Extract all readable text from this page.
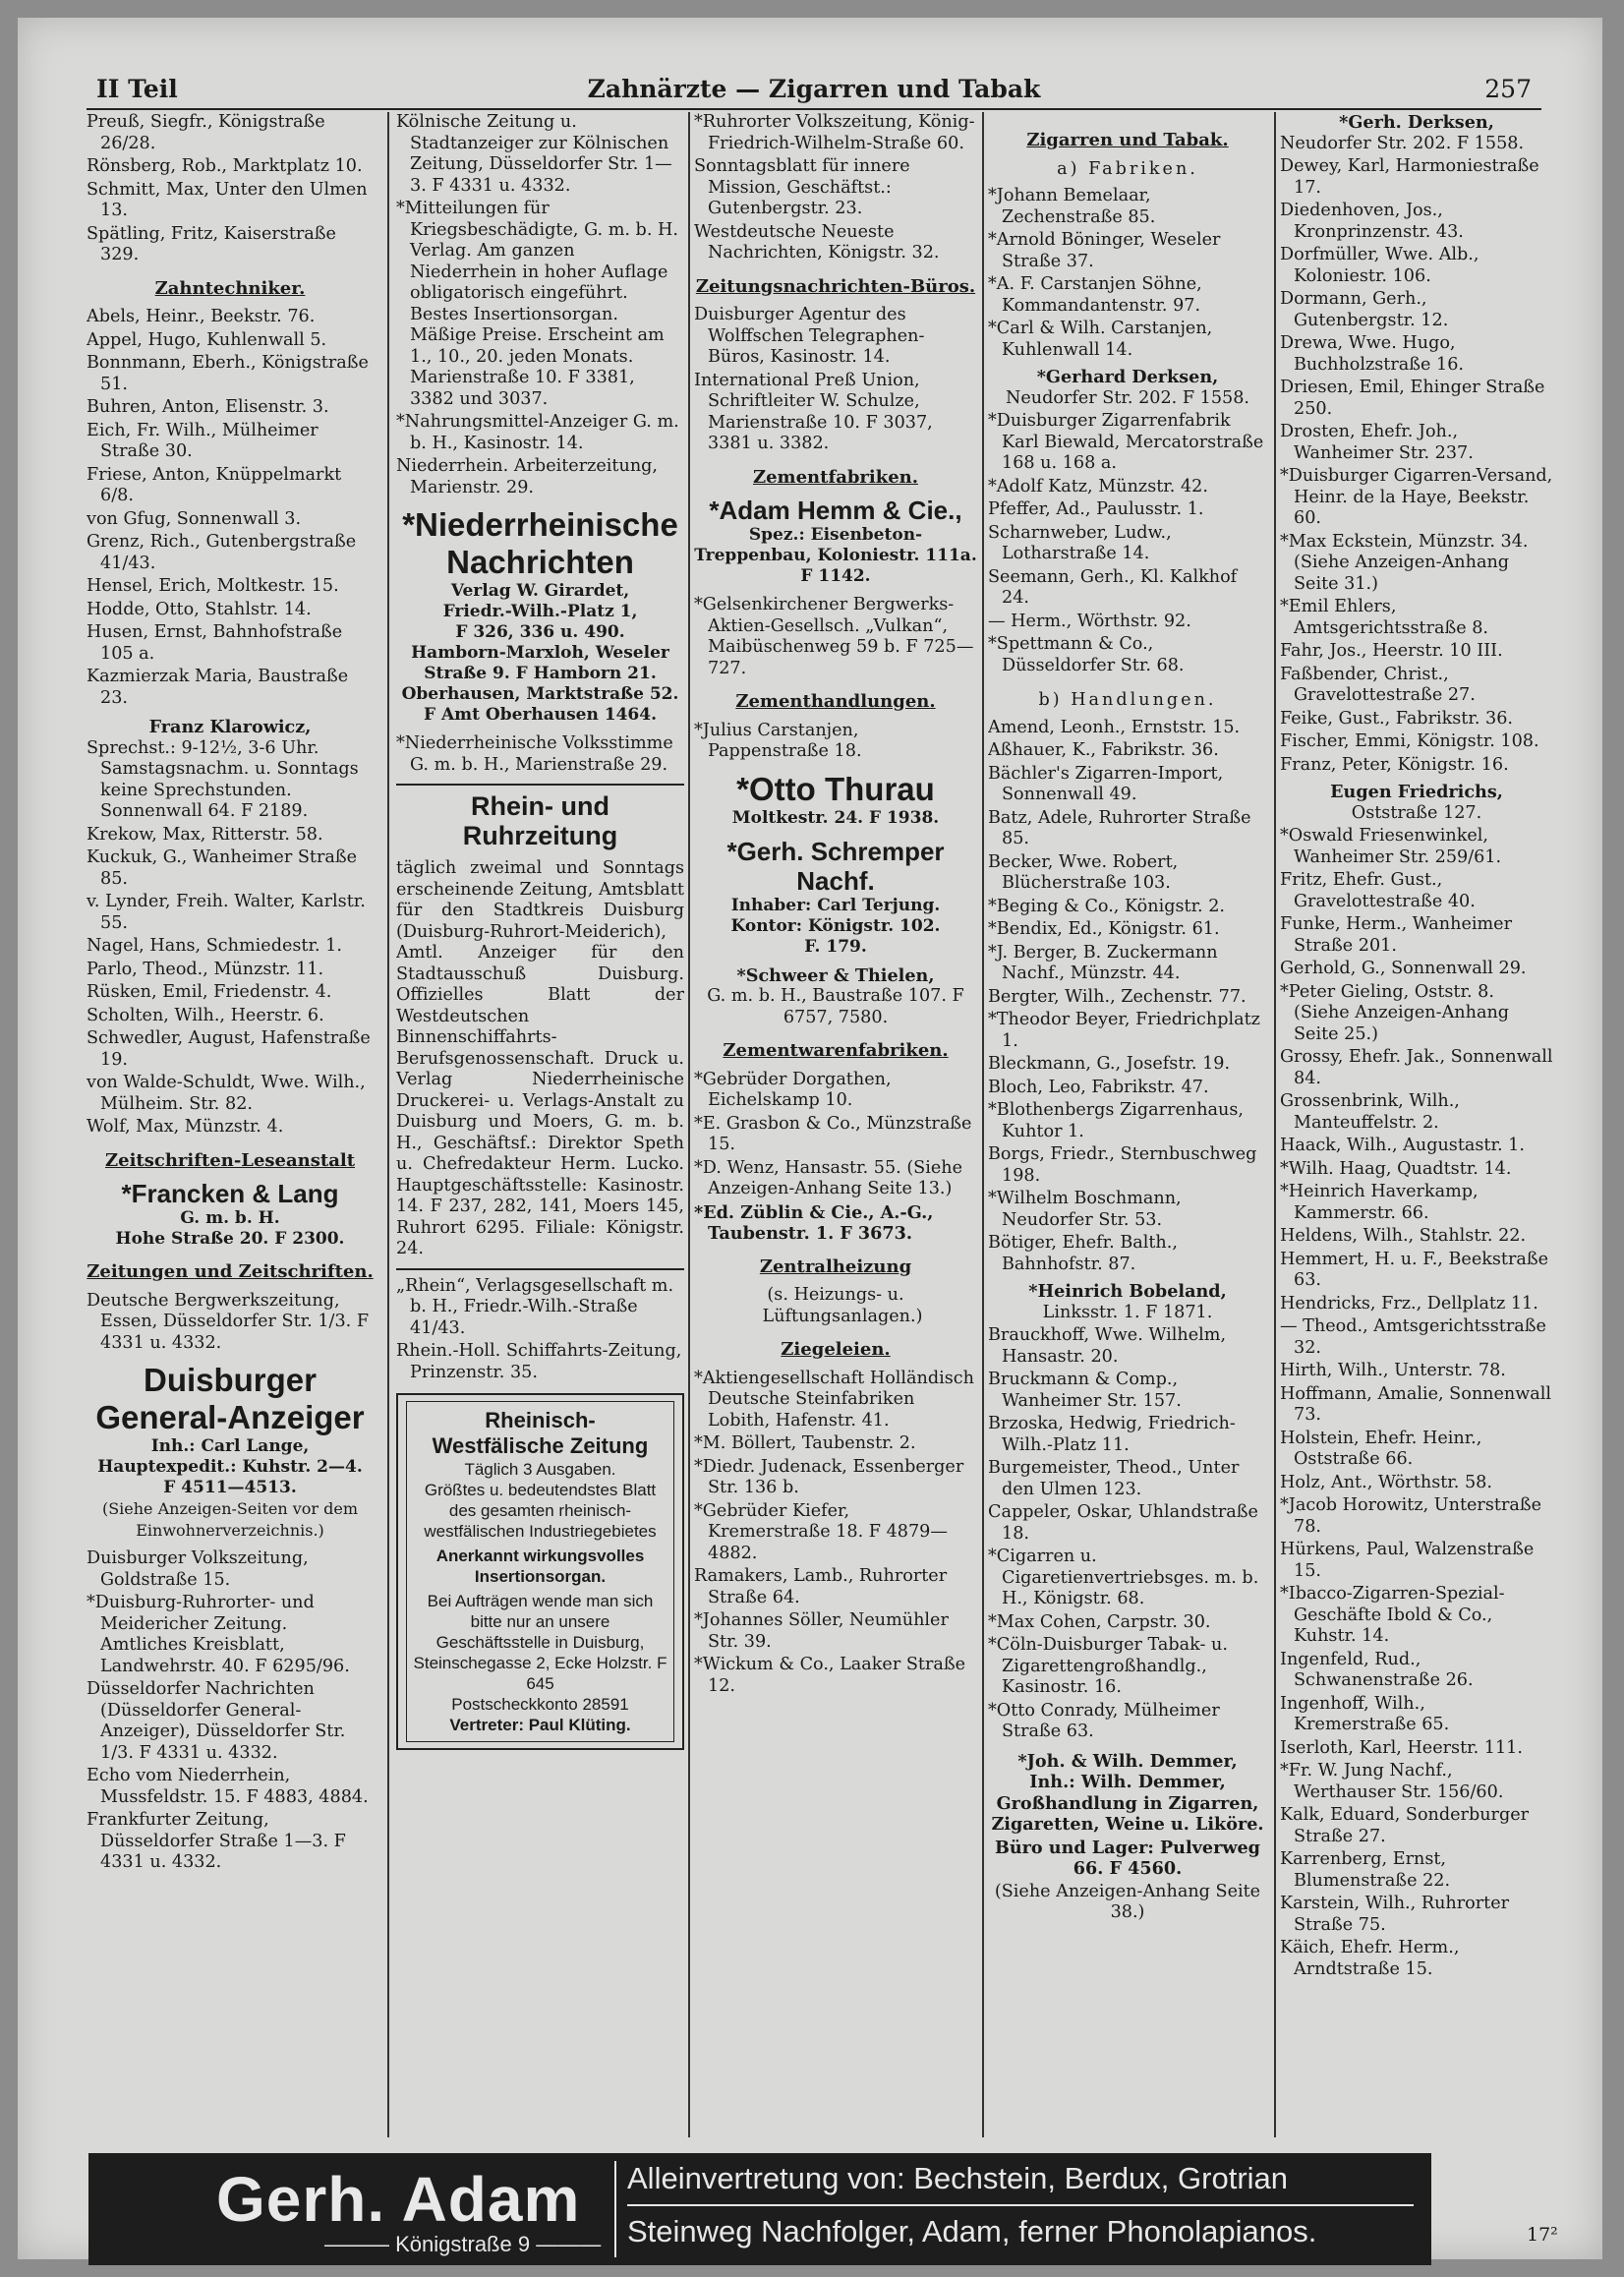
II Teil	Zahnärzte — Zigarren und Tabak	257
Preuß, Siegfr., Königstraße 26/28.
Rönsberg, Rob., Marktplatz 10.
Schmitt, Max, Unter den Ulmen 13.
Spätling, Fritz, Kaiserstraße 329.
Zahntechniker.
Abels, Heinr., Beekstr. 76.
Appel, Hugo, Kuhlenwall 5.
Bonnmann, Eberh., Königstraße 51.
Buhren, Anton, Elisenstr. 3.
Eich, Fr. Wilh., Mülheimer Straße 30.
Friese, Anton, Knüppelmarkt 6/8.
von Gfug, Sonnenwall 3.
Grenz, Rich., Gutenbergstraße 41/43.
Hensel, Erich, Moltkestr. 15.
Hodde, Otto, Stahlstr. 14.
Husen, Ernst, Bahnhofstraße 105 a.
Kazmierzak Maria, Baustraße 23.
Franz Klarowicz,
Sprechst.: 9-12½, 3-6 Uhr. Samstagsnachm. u. Sonntags keine Sprechstunden. Sonnenwall 64. F 2189.
Krekow, Max, Ritterstr. 58.
Kuckuk, G., Wanheimer Straße 85.
v. Lynder, Freih. Walter, Karlstr. 55.
Nagel, Hans, Schmiedestr. 1.
Parlo, Theod., Münzstr. 11.
Rüsken, Emil, Friedenstr. 4.
Scholten, Wilh., Heerstr. 6.
Schwedler, August, Hafenstraße 19.
von Walde-Schuldt, Wwe. Wilh., Mülheim. Str. 82.
Wolf, Max, Münzstr. 4.
Zeitschriften-Leseanstalt
*Francken & Lang
G. m. b. H.
Hohe Straße 20. F 2300.
Zeitungen und Zeitschriften.
Deutsche Bergwerkszeitung, Essen, Düsseldorfer Str. 1/3. F 4331 u. 4332.
Duisburger
General-Anzeiger
Inh.: Carl Lange,
Hauptexpedit.: Kuhstr. 2—4.
F 4511—4513.
(Siehe Anzeigen-Seiten vor dem Einwohnerverzeichnis.)
Duisburger Volkszeitung, Goldstraße 15.
*Duisburg-Ruhrorter- und Meidericher Zeitung. Amtliches Kreisblatt, Landwehrstr. 40. F 6295/96.
Düsseldorfer Nachrichten (Düsseldorfer General-Anzeiger), Düsseldorfer Str. 1/3. F 4331 u. 4332.
Echo vom Niederrhein, Mussfeldstr. 15. F 4883, 4884.
Frankfurter Zeitung, Düsseldorfer Straße 1—3. F 4331 u. 4332.
Kölnische Zeitung u. Stadtanzeiger zur Kölnischen Zeitung, Düsseldorfer Str. 1—3. F 4331 u. 4332.
*Mitteilungen für Kriegsbeschädigte, G. m. b. H. Verlag. Am ganzen Niederrhein in hoher Auflage obligatorisch eingeführt. Bestes Insertionsorgan. Mäßige Preise. Erscheint am 1., 10., 20. jeden Monats. Marienstraße 10. F 3381, 3382 und 3037.
*Nahrungsmittel-Anzeiger G. m. b. H., Kasinostr. 14.
Niederrhein. Arbeiterzeitung, Marienstr. 29.
*Niederrheinische
Nachrichten
Verlag W. Girardet,
Friedr.-Wilh.-Platz 1,
F 326, 336 u. 490.
Hamborn-Marxloh, Weseler Straße 9. F Hamborn 21.
Oberhausen, Marktstraße 52. F Amt Oberhausen 1464.
*Niederrheinische Volksstimme G. m. b. H., Marienstraße 29.
Rhein- und Ruhrzeitung
täglich zweimal und Sonntags erscheinende Zeitung, Amtsblatt für den Stadtkreis Duisburg (Duisburg-Ruhrort-Meiderich), Amtl. Anzeiger für den Stadtausschuß Duisburg. Offizielles Blatt der Westdeutschen Binnenschiffahrts-Berufsgenossenschaft. Druck u. Verlag Niederrheinische Druckerei- u. Verlags-Anstalt zu Duisburg und Moers, G. m. b. H., Geschäftsf.: Direktor Speth u. Chefredakteur Herm. Lucko. Hauptgeschäftsstelle: Kasinostr. 14. F 237, 282, 141, Moers 145, Ruhrort 6295. Filiale: Königstr. 24.
„Rhein“, Verlagsgesellschaft m. b. H., Friedr.-Wilh.-Straße 41/43.
Rhein.-Holl. Schiffahrts-Zeitung, Prinzenstr. 35.
Rheinisch-
Westfälische Zeitung
Täglich 3 Ausgaben.
Größtes u. bedeutendstes Blatt des gesamten rheinisch-westfälischen Industriegebietes
Anerkannt wirkungsvolles Insertionsorgan.
Bei Aufträgen wende man sich bitte nur an unsere Geschäftsstelle in Duisburg, Steinschegasse 2, Ecke Holzstr. F 645
Postscheckkonto 28591
Vertreter: Paul Klüting.
*Ruhrorter Volkszeitung, König-Friedrich-Wilhelm-Straße 60.
Sonntagsblatt für innere Mission, Geschäftst.: Gutenbergstr. 23.
Westdeutsche Neueste Nachrichten, Königstr. 32.
Zeitungsnachrichten-Büros.
Duisburger Agentur des Wolffschen Telegraphen-Büros, Kasinostr. 14.
International Preß Union, Schriftleiter W. Schulze, Marienstraße 10. F 3037, 3381 u. 3382.
Zementfabriken.
*Adam Hemm & Cie.,
Spez.: Eisenbeton-Treppenbau, Koloniestr. 111a. F 1142.
*Gelsenkirchener Bergwerks-Aktien-Gesellsch. „Vulkan“, Maibüschenweg 59 b. F 725—727.
Zementhandlungen.
*Julius Carstanjen, Pappenstraße 18.
*Otto Thurau
Moltkestr. 24. F 1938.
*Gerh. Schremper Nachf.
Inhaber: Carl Terjung.
Kontor: Königstr. 102.
F. 179.
*Schweer & Thielen,
G. m. b. H., Baustraße 107. F 6757, 7580.
Zementwarenfabriken.
*Gebrüder Dorgathen, Eichelskamp 10.
*E. Grasbon & Co., Münzstraße 15.
*D. Wenz, Hansastr. 55. (Siehe Anzeigen-Anhang Seite 13.)
*Ed. Züblin & Cie., A.-G., Taubenstr. 1. F 3673.
Zentralheizung
(s. Heizungs- u. Lüftungsanlagen.)
Ziegeleien.
*Aktiengesellschaft Holländisch Deutsche Steinfabriken Lobith, Hafenstr. 41.
*M. Böllert, Taubenstr. 2.
*Diedr. Judenack, Essenberger Str. 136 b.
*Gebrüder Kiefer, Kremerstraße 18. F 4879—4882.
Ramakers, Lamb., Ruhrorter Straße 64.
*Johannes Söller, Neumühler Str. 39.
*Wickum & Co., Laaker Straße 12.
Zigarren und Tabak.
a) Fabriken.
*Johann Bemelaar, Zechenstraße 85.
*Arnold Böninger, Weseler Straße 37.
*A. F. Carstanjen Söhne, Kommandantenstr. 97.
*Carl & Wilh. Carstanjen, Kuhlenwall 14.
*Gerhard Derksen,
Neudorfer Str. 202. F 1558.
*Duisburger Zigarrenfabrik Karl Biewald, Mercatorstraße 168 u. 168 a.
*Adolf Katz, Münzstr. 42.
Pfeffer, Ad., Paulusstr. 1.
Scharnweber, Ludw., Lotharstraße 14.
Seemann, Gerh., Kl. Kalkhof 24.
— Herm., Wörthstr. 92.
*Spettmann & Co., Düsseldorfer Str. 68.
b) Handlungen.
Amend, Leonh., Ernststr. 15.
Aßhauer, K., Fabrikstr. 36.
Bächler's Zigarren-Import, Sonnenwall 49.
Batz, Adele, Ruhrorter Straße 85.
Becker, Wwe. Robert, Blücherstraße 103.
*Beging & Co., Königstr. 2.
*Bendix, Ed., Königstr. 61.
*J. Berger, B. Zuckermann Nachf., Münzstr. 44.
Bergter, Wilh., Zechenstr. 77.
*Theodor Beyer, Friedrichplatz 1.
Bleckmann, G., Josefstr. 19.
Bloch, Leo, Fabrikstr. 47.
*Blothenbergs Zigarrenhaus, Kuhtor 1.
Borgs, Friedr., Sternbuschweg 198.
*Wilhelm Boschmann, Neudorfer Str. 53.
Bötiger, Ehefr. Balth., Bahnhofstr. 87.
*Heinrich Bobeland,
Linksstr. 1. F 1871.
Brauckhoff, Wwe. Wilhelm, Hansastr. 20.
Bruckmann & Comp., Wanheimer Str. 157.
Brzoska, Hedwig, Friedrich-Wilh.-Platz 11.
Burgemeister, Theod., Unter den Ulmen 123.
Cappeler, Oskar, Uhlandstraße 18.
*Cigarren u. Cigaretienvertriebsges. m. b. H., Königstr. 68.
*Max Cohen, Carpstr. 30.
*Cöln-Duisburger Tabak- u. Zigarettengroßhandlg., Kasinostr. 16.
*Otto Conrady, Mülheimer Straße 63.
*Joh. & Wilh. Demmer,
Inh.: Wilh. Demmer, Großhandlung in Zigarren, Zigaretten, Weine u. Liköre.
Büro und Lager: Pulverweg 66. F 4560.
(Siehe Anzeigen-Anhang Seite 38.)
*Gerh. Derksen,
Neudorfer Str. 202. F 1558.
Dewey, Karl, Harmoniestraße 17.
Diedenhoven, Jos., Kronprinzenstr. 43.
Dorfmüller, Wwe. Alb., Koloniestr. 106.
Dormann, Gerh., Gutenbergstr. 12.
Drewa, Wwe. Hugo, Buchholzstraße 16.
Driesen, Emil, Ehinger Straße 250.
Drosten, Ehefr. Joh., Wanheimer Str. 237.
*Duisburger Cigarren-Versand, Heinr. de la Haye, Beekstr. 60.
*Max Eckstein, Münzstr. 34. (Siehe Anzeigen-Anhang Seite 31.)
*Emil Ehlers, Amtsgerichtsstraße 8.
Fahr, Jos., Heerstr. 10 III.
Faßbender, Christ., Gravelottestraße 27.
Feike, Gust., Fabrikstr. 36.
Fischer, Emmi, Königstr. 108.
Franz, Peter, Königstr. 16.
Eugen Friedrichs,
Oststraße 127.
*Oswald Friesenwinkel, Wanheimer Str. 259/61.
Fritz, Ehefr. Gust., Gravelottestraße 40.
Funke, Herm., Wanheimer Straße 201.
Gerhold, G., Sonnenwall 29.
*Peter Gieling, Oststr. 8. (Siehe Anzeigen-Anhang Seite 25.)
Grossy, Ehefr. Jak., Sonnenwall 84.
Grossenbrink, Wilh., Manteuffelstr. 2.
Haack, Wilh., Augustastr. 1.
*Wilh. Haag, Quadtstr. 14.
*Heinrich Haverkamp, Kammerstr. 66.
Heldens, Wilh., Stahlstr. 22.
Hemmert, H. u. F., Beekstraße 63.
Hendricks, Frz., Dellplatz 11.
— Theod., Amtsgerichtsstraße 32.
Hirth, Wilh., Unterstr. 78.
Hoffmann, Amalie, Sonnenwall 73.
Holstein, Ehefr. Heinr., Oststraße 66.
Holz, Ant., Wörthstr. 58.
*Jacob Horowitz, Unterstraße 78.
Hürkens, Paul, Walzenstraße 15.
*Ibacco-Zigarren-Spezial-Geschäfte Ibold & Co., Kuhstr. 14.
Ingenfeld, Rud., Schwanenstraße 26.
Ingenhoff, Wilh., Kremerstraße 65.
Iserloth, Karl, Heerstr. 111.
*Fr. W. Jung Nachf., Werthauser Str. 156/60.
Kalk, Eduard, Sonderburger Straße 27.
Karrenberg, Ernst, Blumenstraße 22.
Karstein, Wilh., Ruhrorter Straße 75.
Käich, Ehefr. Herm., Arndtstraße 15.
Gerh. Adam
——— Königstraße 9 ———
Alleinvertretung von: Bechstein, Berdux, Grotrian
Steinweg Nachfolger, Adam, ferner Phonolapianos.	17²
